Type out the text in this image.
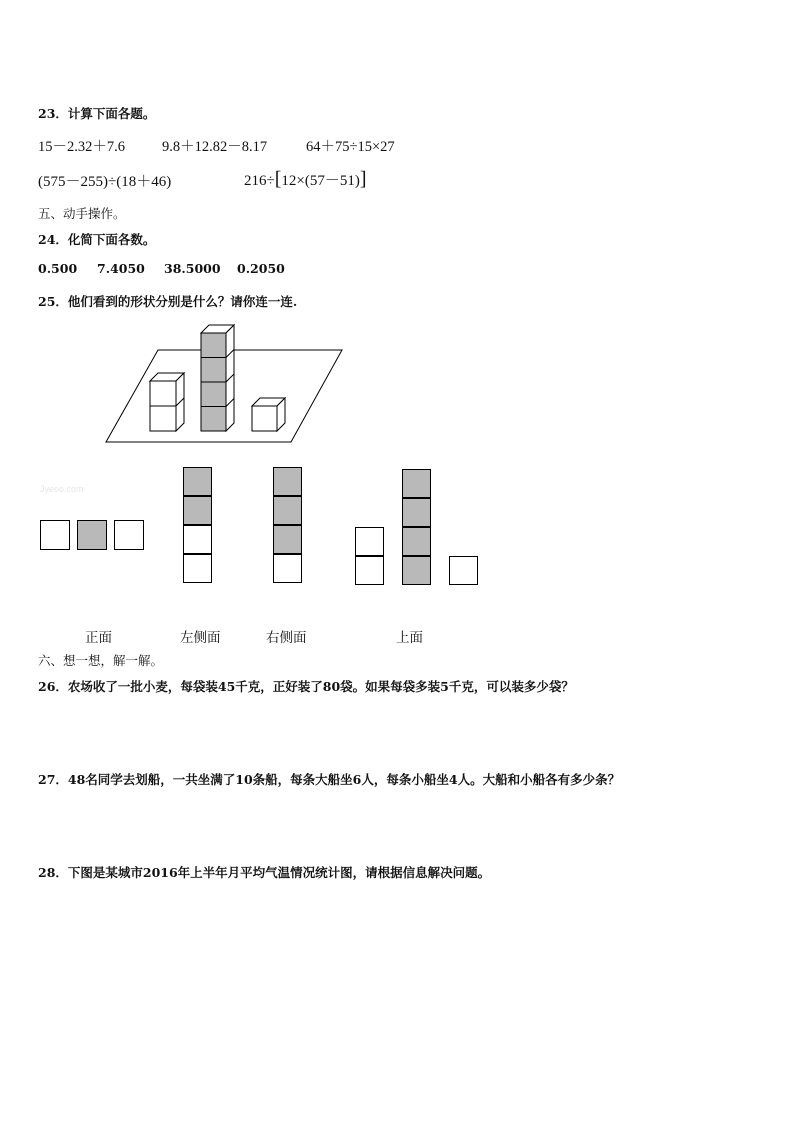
23．计算下面各题。
15－2.32＋7.6	9.8＋12.82－8.17	64＋75÷15×27
(575－255)÷(18＋46)	216÷[12×(57－51)]
五、动手操作。
24．化简下面各数。
0.500 7.4050 38.5000 0.2050
25．他们看到的形状分别是什么？请你连一连.
Jyeoo.com
正面	左侧面	右侧面	上面
六、想一想，解一解。
26．农场收了一批小麦，每袋装45千克，正好装了80袋。如果每袋多装5千克，可以装多少袋？
27．48名同学去划船，一共坐满了10条船，每条大船坐6人，每条小船坐4人。大船和小船各有多少条？
28．下图是某城市2016年上半年月平均气温情况统计图，请根据信息解决问题。
